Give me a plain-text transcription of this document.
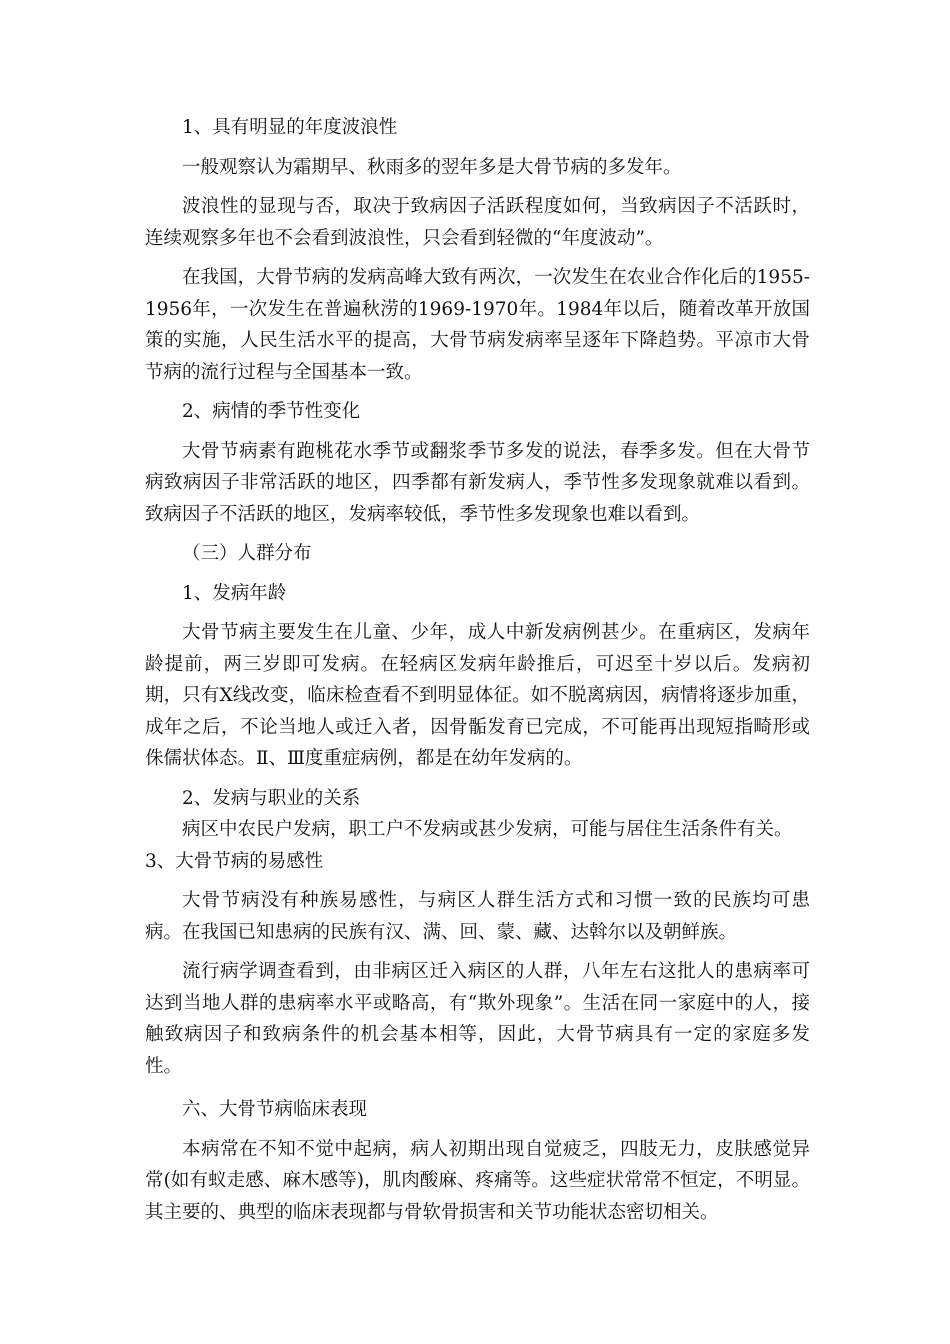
1、具有明显的年度波浪性

一般观察认为霜期早、秋雨多的翌年多是大骨节病的多发年。

波浪性的显现与否，取决于致病因子活跃程度如何，当致病因子不活跃时，连续观察多年也不会看到波浪性，只会看到轻微的“年度波动”。

在我国，大骨节病的发病高峰大致有两次，一次发生在农业合作化后的1955-1956年，一次发生在普遍秋涝的1969-1970年。1984年以后，随着改革开放国策的实施，人民生活水平的提高，大骨节病发病率呈逐年下降趋势。平凉市大骨节病的流行过程与全国基本一致。

2、病情的季节性变化

大骨节病素有跑桃花水季节或翻浆季节多发的说法，春季多发。但在大骨节病致病因子非常活跃的地区，四季都有新发病人，季节性多发现象就难以看到。致病因子不活跃的地区，发病率较低，季节性多发现象也难以看到。

（三）人群分布

1、发病年龄

大骨节病主要发生在儿童、少年，成人中新发病例甚少。在重病区，发病年龄提前，两三岁即可发病。在轻病区发病年龄推后，可迟至十岁以后。发病初期，只有X线改变，临床检查看不到明显体征。如不脱离病因，病情将逐步加重，成年之后，不论当地人或迁入者，因骨骺发育已完成，不可能再出现短指畸形或侏儒状体态。Ⅱ、Ⅲ度重症病例，都是在幼年发病的。

2、发病与职业的关系

病区中农民户发病，职工户不发病或甚少发病，可能与居住生活条件有关。

3、大骨节病的易感性

大骨节病没有种族易感性，与病区人群生活方式和习惯一致的民族均可患病。在我国已知患病的民族有汉、满、回、蒙、藏、达斡尔以及朝鲜族。

流行病学调查看到，由非病区迁入病区的人群，八年左右这批人的患病率可达到当地人群的患病率水平或略高，有“欺外现象”。生活在同一家庭中的人，接触致病因子和致病条件的机会基本相等，因此，大骨节病具有一定的家庭多发性。

六、大骨节病临床表现

本病常在不知不觉中起病，病人初期出现自觉疲乏，四肢无力，皮肤感觉异常(如有蚁走感、麻木感等)，肌肉酸麻、疼痛等。这些症状常常不恒定，不明显。其主要的、典型的临床表现都与骨软骨损害和关节功能状态密切相关。
